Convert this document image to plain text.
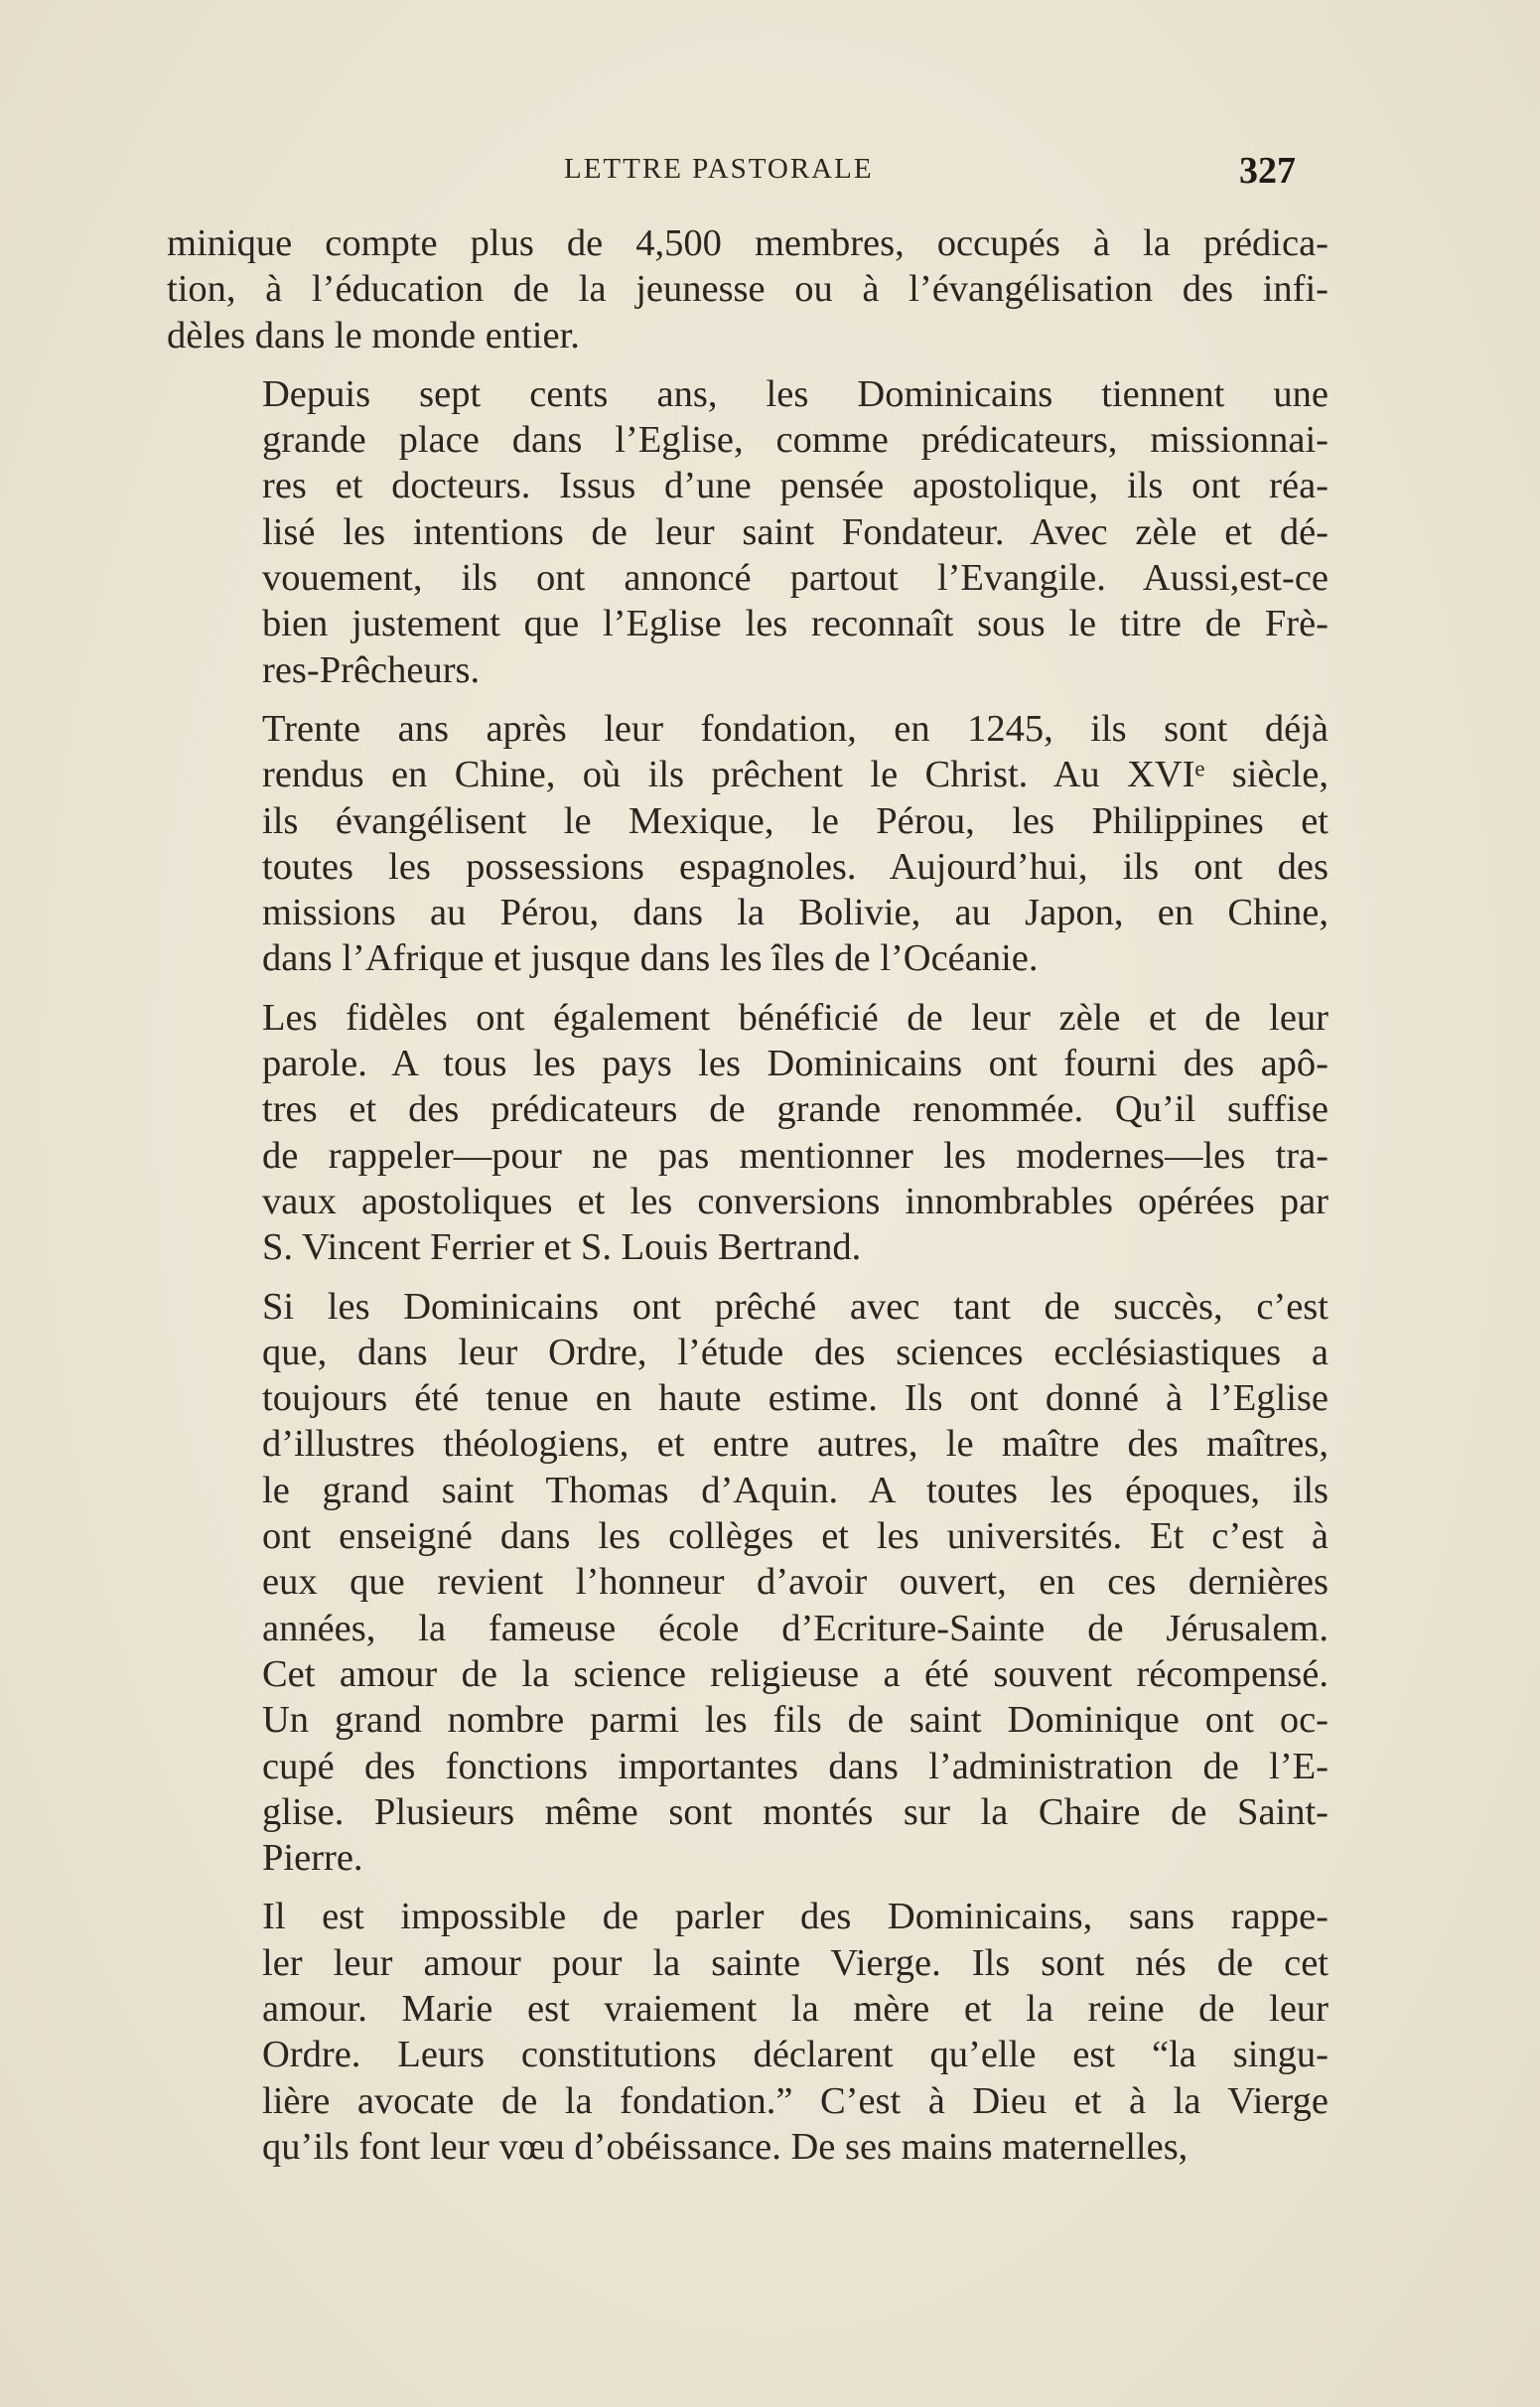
LETTRE PASTORALE	327

minique compte plus de 4,500 membres, occupés à la prédica-
tion, à l’éducation de la jeunesse ou à l’évangélisation des infi-
dèles dans le monde entier.

Depuis sept cents ans, les Dominicains tiennent une
grande place dans l’Eglise, comme prédicateurs, missionnai-
res et docteurs. Issus d’une pensée apostolique, ils ont réa-
lisé les intentions de leur saint Fondateur. Avec zèle et dé-
vouement, ils ont annoncé partout l’Evangile. Aussi,est-ce
bien justement que l’Eglise les reconnaît sous le titre de Frè-
res-Prêcheurs.

Trente ans après leur fondation, en 1245, ils sont déjà
rendus en Chine, où ils prêchent le Christ. Au XVIᵉ siècle,
ils évangélisent le Mexique, le Pérou, les Philippines et
toutes les possessions espagnoles. Aujourd’hui, ils ont des
missions au Pérou, dans la Bolivie, au Japon, en Chine,
dans l’Afrique et jusque dans les îles de l’Océanie.

Les fidèles ont également bénéficié de leur zèle et de leur
parole. A tous les pays les Dominicains ont fourni des apô-
tres et des prédicateurs de grande renommée. Qu’il suffise
de rappeler—pour ne pas mentionner les modernes—les tra-
vaux apostoliques et les conversions innombrables opérées par
S. Vincent Ferrier et S. Louis Bertrand.

Si les Dominicains ont prêché avec tant de succès, c’est
que, dans leur Ordre, l’étude des sciences ecclésiastiques a
toujours été tenue en haute estime. Ils ont donné à l’Eglise
d’illustres théologiens, et entre autres, le maître des maîtres,
le grand saint Thomas d’Aquin. A toutes les époques, ils
ont enseigné dans les collèges et les universités. Et c’est à
eux que revient l’honneur d’avoir ouvert, en ces dernières
années, la fameuse école d’Ecriture-Sainte de Jérusalem.
Cet amour de la science religieuse a été souvent récompensé.
Un grand nombre parmi les fils de saint Dominique ont oc-
cupé des fonctions importantes dans l’administration de l’E-
glise. Plusieurs même sont montés sur la Chaire de Saint-
Pierre.

Il est impossible de parler des Dominicains, sans rappe-
ler leur amour pour la sainte Vierge. Ils sont nés de cet
amour. Marie est vraiement la mère et la reine de leur
Ordre. Leurs constitutions déclarent qu’elle est “la singu-
lière avocate de la fondation.” C’est à Dieu et à la Vierge
qu’ils font leur vœu d’obéissance. De ses mains maternelles,
